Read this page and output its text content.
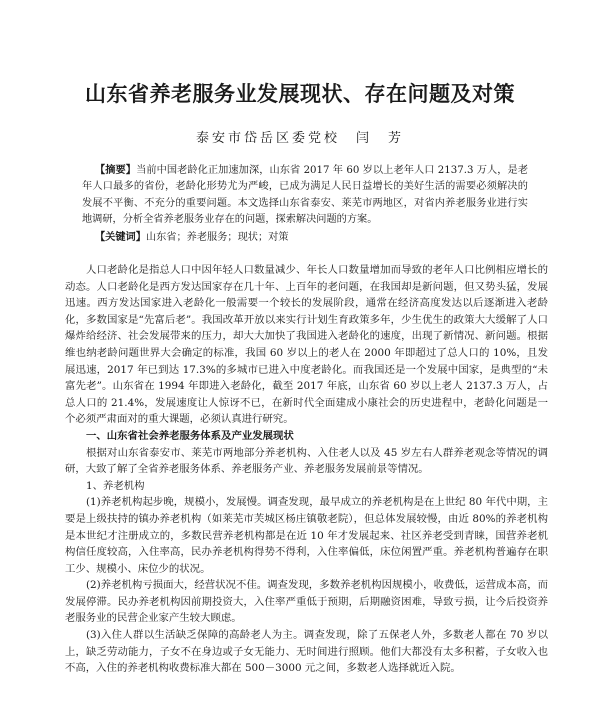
山东省养老服务业发展现状、存在问题及对策
泰安市岱岳区委党校　闫　芳
【摘要】当前中国老龄化正加速加深，山东省 2017 年 60 岁以上老年人口 2137.3 万人，是老年人口最多的省份，老龄化形势尤为严峻，已成为满足人民日益增长的美好生活的需要必须解决的发展不平衡、不充分的重要问题。本文选择山东省泰安、莱芜市两地区，对省内养老服务业进行实地调研，分析全省养老服务业存在的问题，探索解决问题的方案。
【关键词】山东省；养老服务；现状；对策

人口老龄化是指总人口中因年轻人口数量减少、年长人口数量增加而导致的老年人口比例相应增长的动态。人口老龄化是西方发达国家存在几十年、上百年的老问题，在我国却是新问题，但又势头猛，发展迅速。西方发达国家进入老龄化一般需要一个较长的发展阶段，通常在经济高度发达以后逐渐进入老龄化，多数国家是“先富后老”。我国改革开放以来实行计划生育政策多年，少生优生的政策大大缓解了人口爆炸给经济、社会发展带来的压力，却大大加快了我国进入老龄化的速度，出现了新情况、新问题。根据维也纳老龄问题世界大会确定的标准，我国 60 岁以上的老人在 2000 年即超过了总人口的 10%，且发展迅速，2017 年已到达 17.3%的多城市已进入中度老龄化。而我国还是一个发展中国家，是典型的“未富先老”。山东省在 1994 年即进入老龄化，截至 2017 年底，山东省 60 岁以上老人 2137.3 万人，占总人口的 21.4%，发展速度让人惊讶不已，在新时代全面建成小康社会的历史进程中，老龄化问题是一个必须严肃面对的重大课题，必须认真进行研究。

一、山东省社会养老服务体系及产业发展现状

根据对山东省泰安市、莱芜市两地部分养老机构、入住老人以及 45 岁左右人群养老观念等情况的调研，大致了解了全省养老服务体系、养老服务产业、养老服务发展前景等情况。

1、养老机构

(1)养老机构起步晚，规模小，发展慢。调查发现，最早成立的养老机构是在上世纪 80 年代中期，主要是上级扶持的镇办养老机构（如莱芜市芙城区杨庄镇敬老院），但总体发展较慢，由近 80%的养老机构是本世纪才注册成立的，多数民营养老机构都是在近 10 年才发展起来、社区养老受到青睐，国营养老机构信任度较高，入住率高，民办养老机构得势不得利，入住率偏低，床位闲置严重。养老机构普遍存在职工少、规模小、床位少的状况。

(2)养老机构亏损面大，经营状况不佳。调查发现，多数养老机构因规模小，收费低，运营成本高，而发展停滞。民办养老机构因前期投资大，入住率严重低于预期，后期融资困难，导致亏损，让今后投资养老服务业的民营企业家产生较大顾虑。

(3)入住人群以生活缺乏保障的高龄老人为主。调查发现，除了五保老人外，多数老人都在 70 岁以上，缺乏劳动能力，子女不在身边或子女无能力、无时间进行照顾。他们大都没有太多积蓄，子女收入也不高，入住的养老机构收费标准大都在 500－3000 元之间，多数老人选择就近入院。
